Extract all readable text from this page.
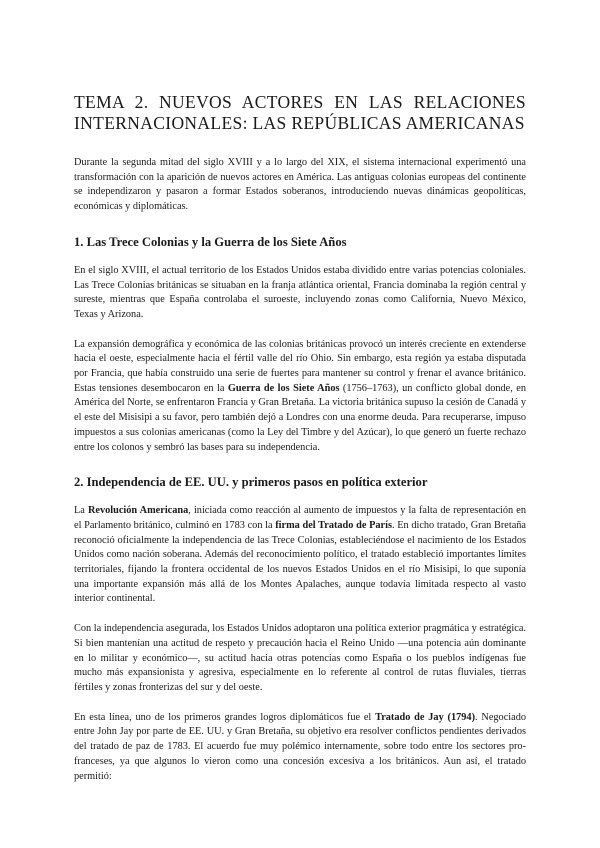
TEMA 2. NUEVOS ACTORES EN LAS RELACIONES INTERNACIONALES: LAS REPÚBLICAS AMERICANAS

Durante la segunda mitad del siglo XVIII y a lo largo del XIX, el sistema internacional experimentó una transformación con la aparición de nuevos actores en América. Las antiguas colonias europeas del continente se independizaron y pasaron a formar Estados soberanos, introduciendo nuevas dinámicas geopolíticas, económicas y diplomáticas.

1. Las Trece Colonias y la Guerra de los Siete Años

En el siglo XVIII, el actual territorio de los Estados Unidos estaba dividido entre varias potencias coloniales. Las Trece Colonias británicas se situaban en la franja atlántica oriental, Francia dominaba la región central y sureste, mientras que España controlaba el suroeste, incluyendo zonas como California, Nuevo México, Texas y Arizona.

La expansión demográfica y económica de las colonias británicas provocó un interés creciente en extenderse hacia el oeste, especialmente hacia el fértil valle del río Ohio. Sin embargo, esta región ya estaba disputada por Francia, que había construido una serie de fuertes para mantener su control y frenar el avance británico. Estas tensiones desembocaron en la Guerra de los Siete Años (1756–1763), un conflicto global donde, en América del Norte, se enfrentaron Francia y Gran Bretaña. La victoria británica supuso la cesión de Canadá y el este del Misisipi a su favor, pero también dejó a Londres con una enorme deuda. Para recuperarse, impuso impuestos a sus colonias americanas (como la Ley del Timbre y del Azúcar), lo que generó un fuerte rechazo entre los colonos y sembró las bases para su independencia.

2. Independencia de EE. UU. y primeros pasos en política exterior

La Revolución Americana, iniciada como reacción al aumento de impuestos y la falta de representación en el Parlamento británico, culminó en 1783 con la firma del Tratado de París. En dicho tratado, Gran Bretaña reconoció oficialmente la independencia de las Trece Colonias, estableciéndose el nacimiento de los Estados Unidos como nación soberana. Además del reconocimiento político, el tratado estableció importantes límites territoriales, fijando la frontera occidental de los nuevos Estados Unidos en el río Misisipi, lo que suponía una importante expansión más allá de los Montes Apalaches, aunque todavía limitada respecto al vasto interior continental.

Con la independencia asegurada, los Estados Unidos adoptaron una política exterior pragmática y estratégica. Si bien mantenían una actitud de respeto y precaución hacia el Reino Unido —una potencia aún dominante en lo militar y económico—, su actitud hacia otras potencias como España o los pueblos indígenas fue mucho más expansionista y agresiva, especialmente en lo referente al control de rutas fluviales, tierras fértiles y zonas fronterizas del sur y del oeste.

En esta línea, uno de los primeros grandes logros diplomáticos fue el Tratado de Jay (1794). Negociado entre John Jay por parte de EE. UU. y Gran Bretaña, su objetivo era resolver conflictos pendientes derivados del tratado de paz de 1783. El acuerdo fue muy polémico internamente, sobre todo entre los sectores pro-franceses, ya que algunos lo vieron como una concesión excesiva a los británicos. Aun así, el tratado permitió:
